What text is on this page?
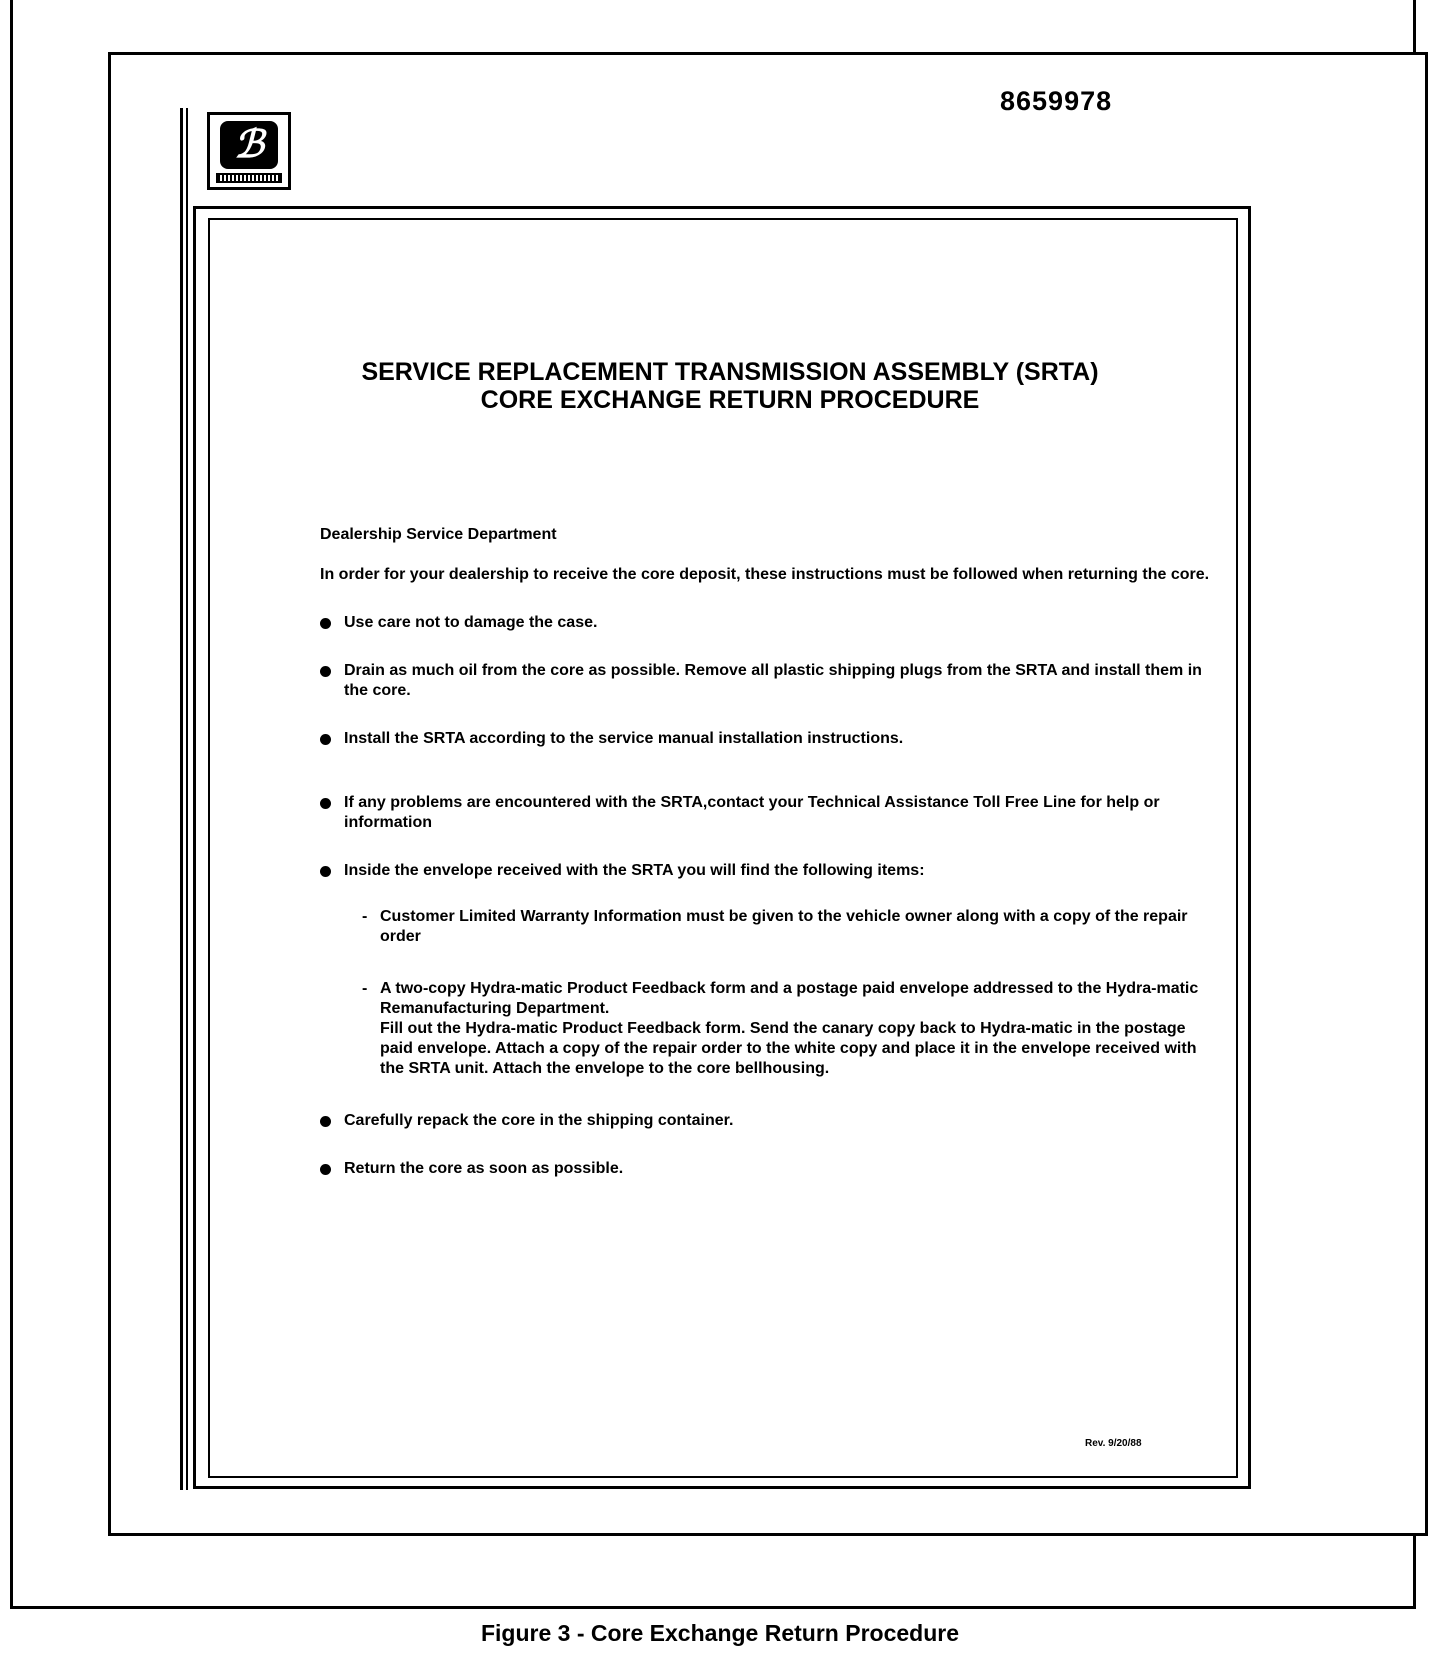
8659978
ℬ
SERVICE REPLACEMENT TRANSMISSION ASSEMBLY (SRTA)
CORE EXCHANGE RETURN PROCEDURE

Dealership Service Department

In order for your dealership to receive the core deposit, these instructions must be followed when returning the core.

Use care not to damage the case.
Drain as much oil from the core as possible. Remove all plastic shipping plugs from the SRTA and install them in the core.
Install the SRTA according to the service manual installation instructions.
If any problems are encountered with the SRTA,contact your Technical Assistance Toll Free Line for help or information
Inside the envelope received with the SRTA you will find the following items:
- Customer Limited Warranty Information must be given to the vehicle owner along with a copy of the repair order

- A two-copy Hydra-matic Product Feedback form and a postage paid envelope addressed to the Hydra-matic Remanufacturing Department.

Fill out the Hydra-matic Product Feedback form. Send the canary copy back to Hydra-matic in the postage paid envelope. Attach a copy of the repair order to the white copy and place it in the envelope received with the SRTA unit. Attach the envelope to the core bellhousing.

Carefully repack the core in the shipping container.
Return the core as soon as possible.
Rev. 9/20/88
Figure 3 - Core Exchange Return Procedure
